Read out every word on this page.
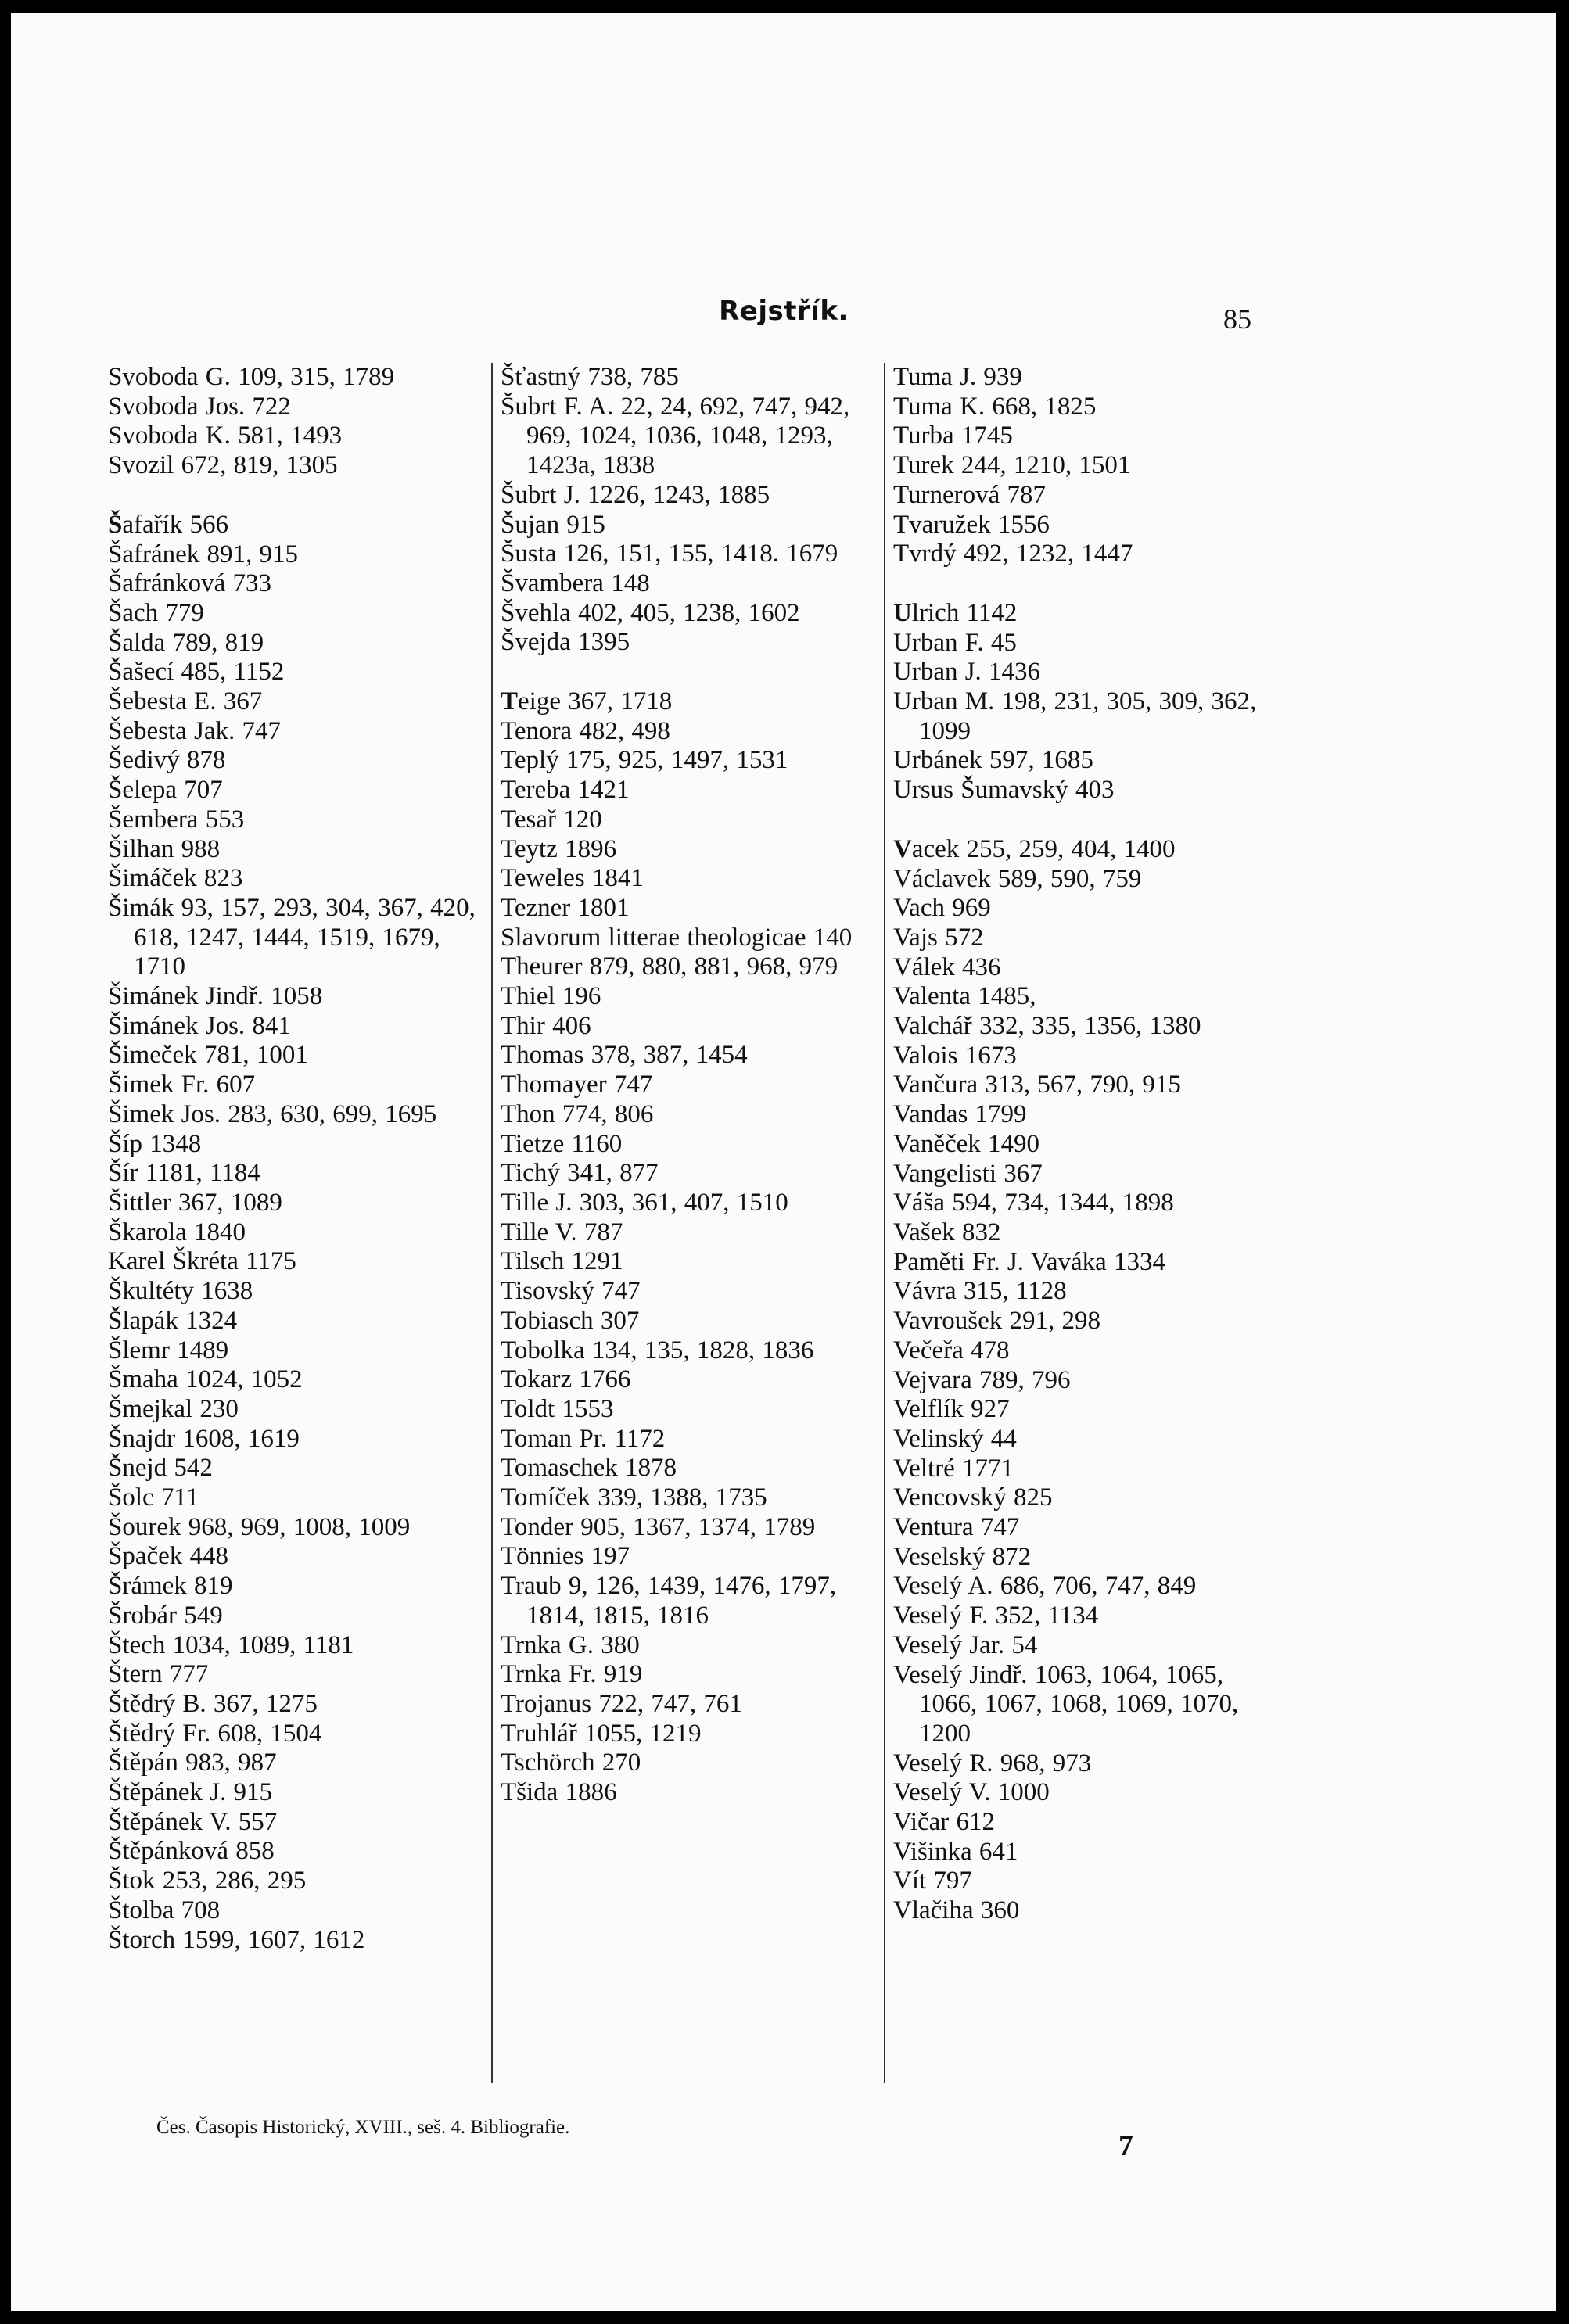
Rejstřík.	85
Svoboda G. 109, 315, 1789
Svoboda Jos. 722
Svoboda K. 581, 1493
Svozil 672, 819, 1305
Šafařík 566
Šafránek 891, 915
Šafránková 733
Šach 779
Šalda 789, 819
Šašecí 485, 1152
Šebesta E. 367
Šebesta Jak. 747
Šedivý 878
Šelepa 707
Šembera 553
Šilhan 988
Šimáček 823
Šimák 93, 157, 293, 304, 367, 420, 618, 1247, 1444, 1519, 1679, 1710
Šimánek Jindř. 1058
Šimánek Jos. 841
Šimeček 781, 1001
Šimek Fr. 607
Šimek Jos. 283, 630, 699, 1695
Šíp 1348
Šír 1181, 1184
Šittler 367, 1089
Škarola 1840
Karel Škréta 1175
Škultéty 1638
Šlapák 1324
Šlemr 1489
Šmaha 1024, 1052
Šmejkal 230
Šnajdr 1608, 1619
Šnejd 542
Šolc 711
Šourek 968, 969, 1008, 1009
Špaček 448
Šrámek 819
Šrobár 549
Štech 1034, 1089, 1181
Štern 777
Štědrý B. 367, 1275
Štědrý Fr. 608, 1504
Štěpán 983, 987
Štěpánek J. 915
Štěpánek V. 557
Štěpánková 858
Štok 253, 286, 295
Štolba 708
Štorch 1599, 1607, 1612
Šťastný 738, 785
Šubrt F. A. 22, 24, 692, 747, 942, 969, 1024, 1036, 1048, 1293, 1423a, 1838
Šubrt J. 1226, 1243, 1885
Šujan 915
Šusta 126, 151, 155, 1418. 1679
Švambera 148
Švehla 402, 405, 1238, 1602
Švejda 1395
Teige 367, 1718
Tenora 482, 498
Teplý 175, 925, 1497, 1531
Tereba 1421
Tesař 120
Teytz 1896
Teweles 1841
Tezner 1801
Slavorum litterae theologicae 140
Theurer 879, 880, 881, 968, 979
Thiel 196
Thir 406
Thomas 378, 387, 1454
Thomayer 747
Thon 774, 806
Tietze 1160
Tichý 341, 877
Tille J. 303, 361, 407, 1510
Tille V. 787
Tilsch 1291
Tisovský 747
Tobiasch 307
Tobolka 134, 135, 1828, 1836
Tokarz 1766
Toldt 1553
Toman Pr. 1172
Tomaschek 1878
Tomíček 339, 1388, 1735
Tonder 905, 1367, 1374, 1789
Tönnies 197
Traub 9, 126, 1439, 1476, 1797, 1814, 1815, 1816
Trnka G. 380
Trnka Fr. 919
Trojanus 722, 747, 761
Truhlář 1055, 1219
Tschörch 270
Tšida 1886
Tuma J. 939
Tuma K. 668, 1825
Turba 1745
Turek 244, 1210, 1501
Turnerová 787
Tvaružek 1556
Tvrdý 492, 1232, 1447
Ulrich 1142
Urban F. 45
Urban J. 1436
Urban M. 198, 231, 305, 309, 362, 1099
Urbánek 597, 1685
Ursus Šumavský 403
Vacek 255, 259, 404, 1400
Václavek 589, 590, 759
Vach 969
Vajs 572
Válek 436
Valenta 1485,
Valchář 332, 335, 1356, 1380
Valois 1673
Vančura 313, 567, 790, 915
Vandas 1799
Vaněček 1490
Vangelisti 367
Váša 594, 734, 1344, 1898
Vašek 832
Paměti Fr. J. Vaváka 1334
Vávra 315, 1128
Vavroušek 291, 298
Večeřa 478
Vejvara 789, 796
Velflík 927
Velinský 44
Veltré 1771
Vencovský 825
Ventura 747
Veselský 872
Veselý A. 686, 706, 747, 849
Veselý F. 352, 1134
Veselý Jar. 54
Veselý Jindř. 1063, 1064, 1065, 1066, 1067, 1068, 1069, 1070, 1200
Veselý R. 968, 973
Veselý V. 1000
Vičar 612
Višinka 641
Vít 797
Vlačiha 360
Čes. Časopis Historický, XVIII., seš. 4. Bibliografie.
7
